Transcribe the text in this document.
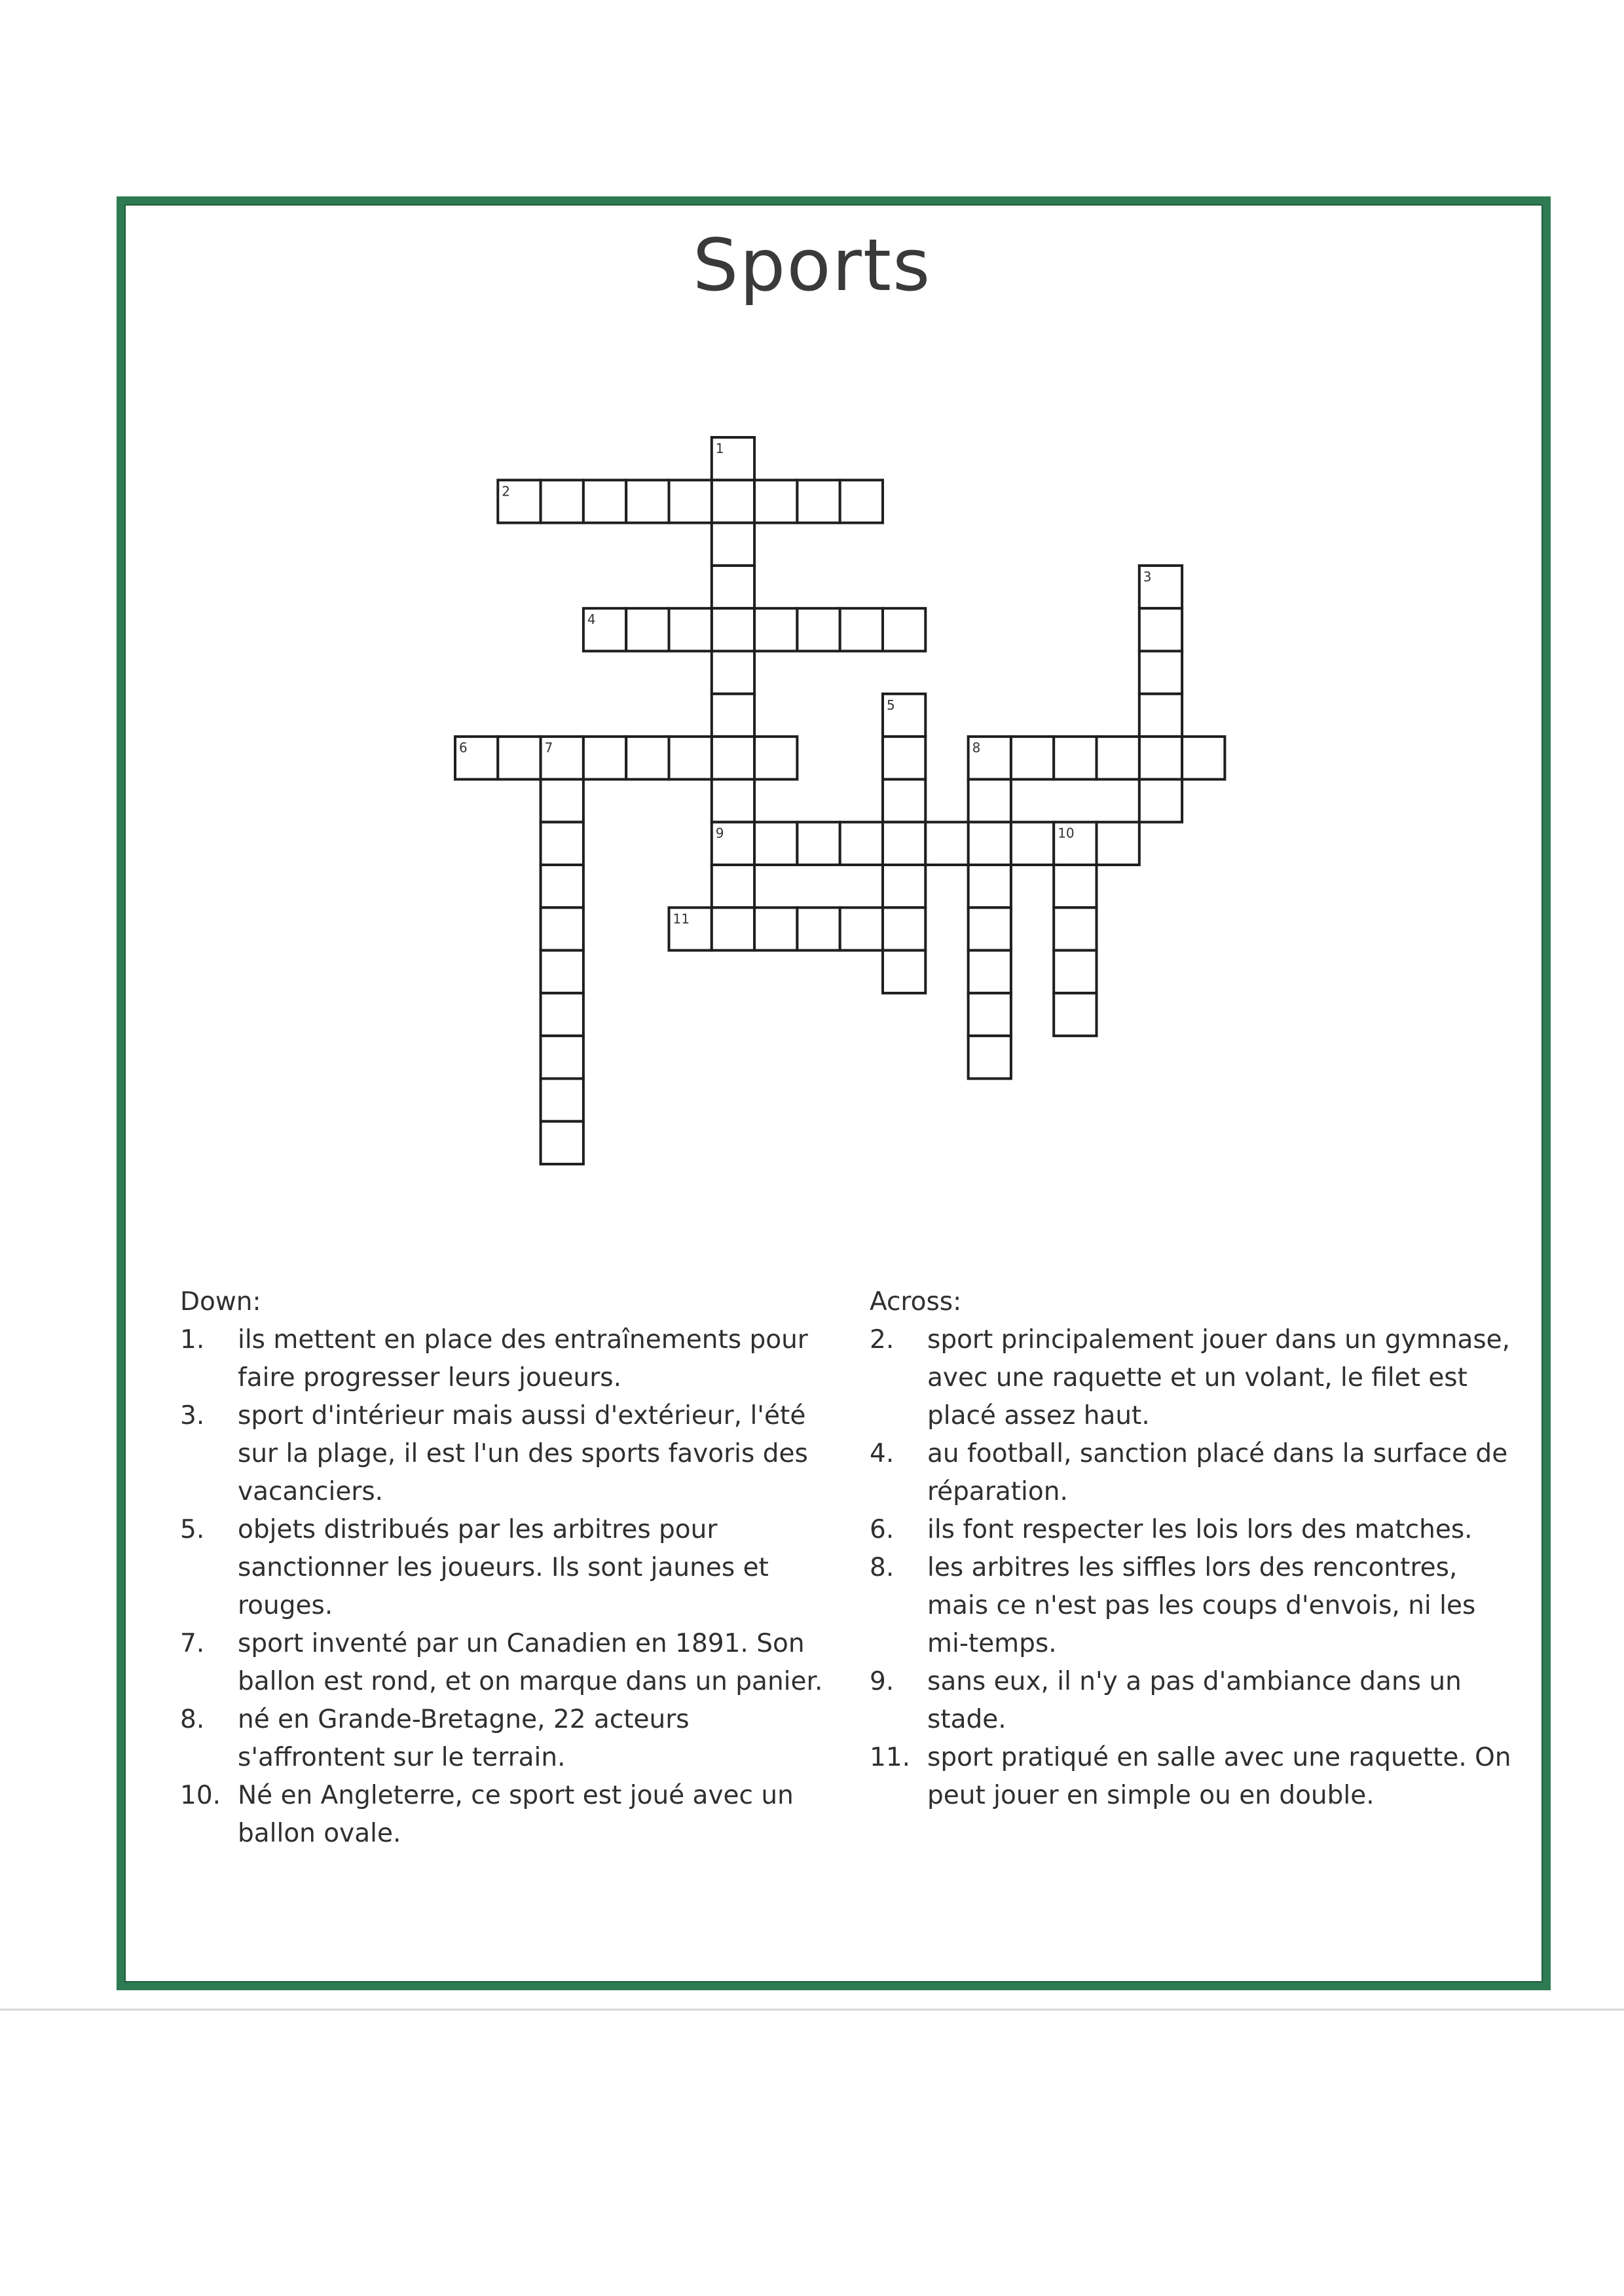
Sports
1
2
3
4
5
6	7	8
9	10
11

Down:

1. ils mettent en place des entraînements pour faire progresser leurs joueurs.
3. sport d'intérieur mais aussi d'extérieur, l'été sur la plage, il est l'un des sports favoris des vacanciers.
5. objets distribués par les arbitres pour sanctionner les joueurs. Ils sont jaunes et rouges.
7. sport inventé par un Canadien en 1891. Son ballon est rond, et on marque dans un panier.
8. né en Grande-Bretagne, 22 acteurs s'affrontent sur le terrain.
10. Né en Angleterre, ce sport est joué avec un ballon ovale.

Across:

2. sport principalement jouer dans un gymnase, avec une raquette et un volant, le filet est placé assez haut.
4. au football, sanction placé dans la surface de réparation.
6. ils font respecter les lois lors des matches.
8. les arbitres les siffles lors des rencontres, mais ce n'est pas les coups d'envois, ni les mi-temps.
9. sans eux, il n'y a pas d'ambiance dans un stade.
11. sport pratiqué en salle avec une raquette. On peut jouer en simple ou en double.
